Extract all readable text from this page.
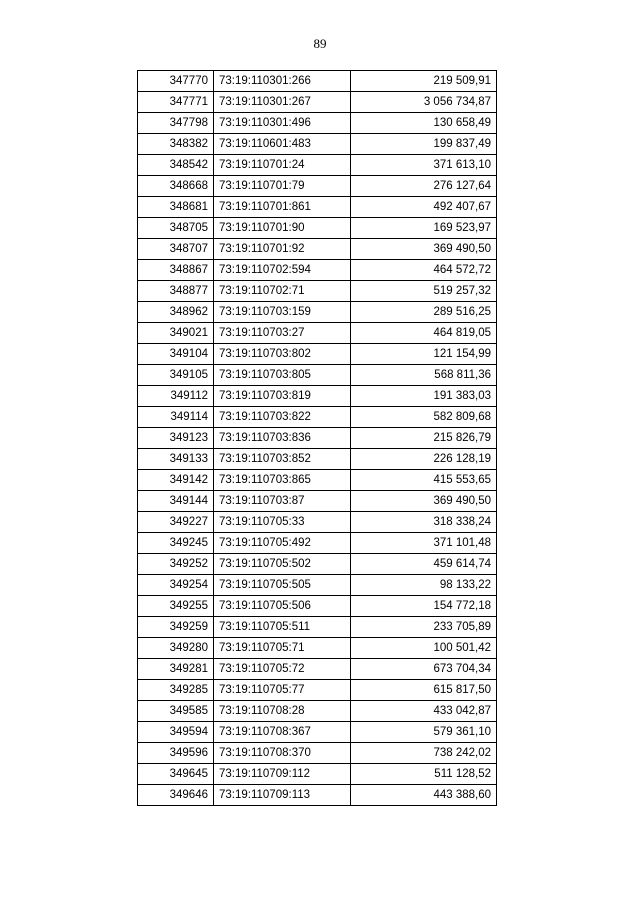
89
347770	73:19:110301:266	219 509,91
347771	73:19:110301:267	3 056 734,87
347798	73:19:110301:496	130 658,49
348382	73:19:110601:483	199 837,49
348542	73:19:110701:24	371 613,10
348668	73:19:110701:79	276 127,64
348681	73:19:110701:861	492 407,67
348705	73:19:110701:90	169 523,97
348707	73:19:110701:92	369 490,50
348867	73:19:110702:594	464 572,72
348877	73:19:110702:71	519 257,32
348962	73:19:110703:159	289 516,25
349021	73:19:110703:27	464 819,05
349104	73:19:110703:802	121 154,99
349105	73:19:110703:805	568 811,36
349112	73:19:110703:819	191 383,03
349114	73:19:110703:822	582 809,68
349123	73:19:110703:836	215 826,79
349133	73:19:110703:852	226 128,19
349142	73:19:110703:865	415 553,65
349144	73:19:110703:87	369 490,50
349227	73:19:110705:33	318 338,24
349245	73:19:110705:492	371 101,48
349252	73:19:110705:502	459 614,74
349254	73:19:110705:505	98 133,22
349255	73:19:110705:506	154 772,18
349259	73:19:110705:511	233 705,89
349280	73:19:110705:71	100 501,42
349281	73:19:110705:72	673 704,34
349285	73:19:110705:77	615 817,50
349585	73:19:110708:28	433 042,87
349594	73:19:110708:367	579 361,10
349596	73:19:110708:370	738 242,02
349645	73:19:110709:112	511 128,52
349646	73:19:110709:113	443 388,60
